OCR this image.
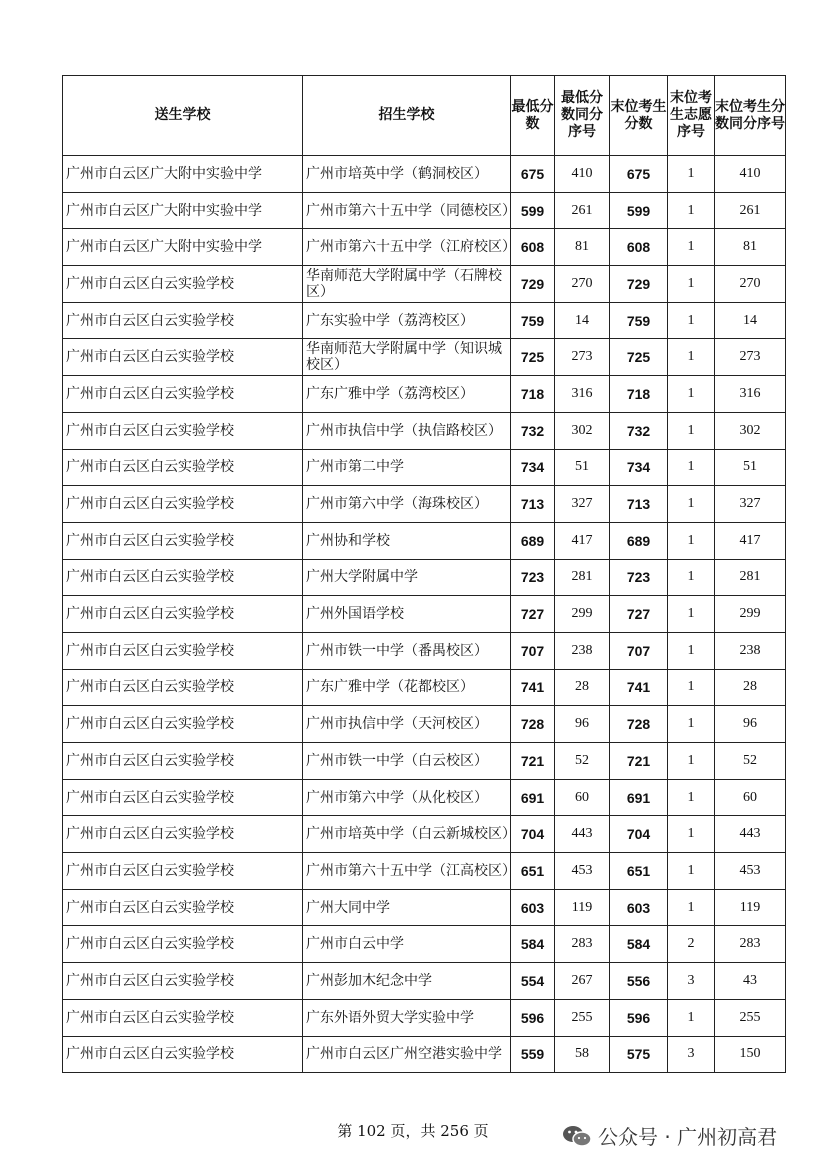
送生学校	招生学校	最低分数	最低分数同分序号	末位考生分数	末位考生志愿序号	末位考生分数同分序号
广州市白云区广大附中实验中学	广州市培英中学（鹤洞校区）	675	410	675	1	410
广州市白云区广大附中实验中学	广州市第六十五中学（同德校区）	599	261	599	1	261
广州市白云区广大附中实验中学	广州市第六十五中学（江府校区）	608	81	608	1	81
广州市白云区白云实验学校	华南师范大学附属中学（石牌校区）	729	270	729	1	270
广州市白云区白云实验学校	广东实验中学（荔湾校区）	759	14	759	1	14
广州市白云区白云实验学校	华南师范大学附属中学（知识城校区）	725	273	725	1	273
广州市白云区白云实验学校	广东广雅中学（荔湾校区）	718	316	718	1	316
广州市白云区白云实验学校	广州市执信中学（执信路校区）	732	302	732	1	302
广州市白云区白云实验学校	广州市第二中学	734	51	734	1	51
广州市白云区白云实验学校	广州市第六中学（海珠校区）	713	327	713	1	327
广州市白云区白云实验学校	广州协和学校	689	417	689	1	417
广州市白云区白云实验学校	广州大学附属中学	723	281	723	1	281
广州市白云区白云实验学校	广州外国语学校	727	299	727	1	299
广州市白云区白云实验学校	广州市铁一中学（番禺校区）	707	238	707	1	238
广州市白云区白云实验学校	广东广雅中学（花都校区）	741	28	741	1	28
广州市白云区白云实验学校	广州市执信中学（天河校区）	728	96	728	1	96
广州市白云区白云实验学校	广州市铁一中学（白云校区）	721	52	721	1	52
广州市白云区白云实验学校	广州市第六中学（从化校区）	691	60	691	1	60
广州市白云区白云实验学校	广州市培英中学（白云新城校区）	704	443	704	1	443
广州市白云区白云实验学校	广州市第六十五中学（江高校区）	651	453	651	1	453
广州市白云区白云实验学校	广州大同中学	603	119	603	1	119
广州市白云区白云实验学校	广州市白云中学	584	283	584	2	283
广州市白云区白云实验学校	广州彭加木纪念中学	554	267	556	3	43
广州市白云区白云实验学校	广东外语外贸大学实验中学	596	255	596	1	255
广州市白云区白云实验学校	广州市白云区广州空港实验中学	559	58	575	3	150
第 102 页，共 256 页	公众号 · 广州初高君
